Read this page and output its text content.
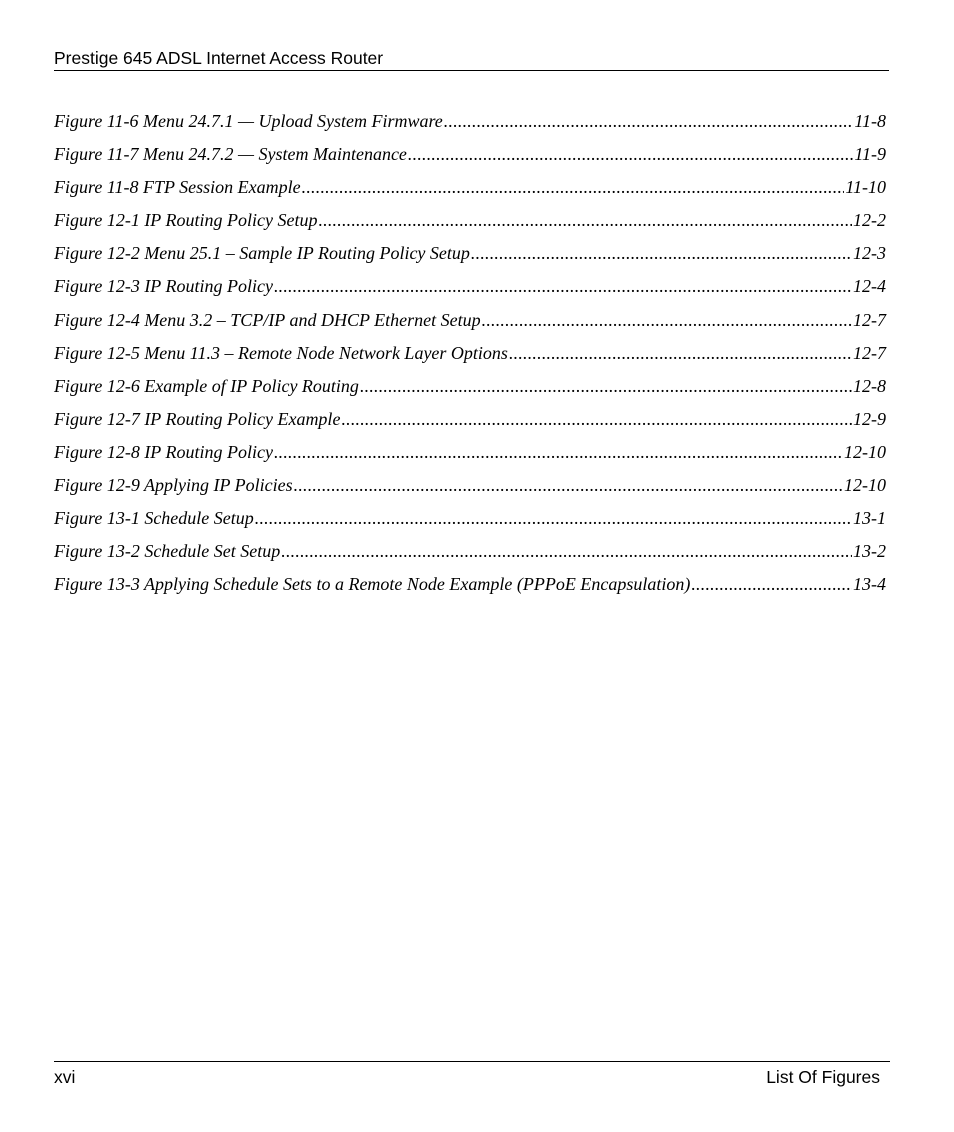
Prestige 645 ADSL Internet Access Router
Figure 11-6 Menu 24.7.1 — Upload System Firmware .....	11-8
Figure 11-7 Menu 24.7.2 — System Maintenance .....	11-9
Figure 11-8 FTP Session Example .....	11-10
Figure 12-1 IP Routing Policy Setup .....	12-2
Figure 12-2 Menu 25.1 – Sample IP Routing Policy Setup .....	12-3
Figure 12-3 IP Routing Policy .....	12-4
Figure 12-4 Menu 3.2 – TCP/IP and DHCP Ethernet Setup .....	12-7
Figure 12-5 Menu 11.3 – Remote Node Network Layer Options .....	12-7
Figure 12-6 Example of IP Policy Routing .....	12-8
Figure 12-7 IP Routing Policy Example .....	12-9
Figure 12-8 IP Routing Policy .....	12-10
Figure 12-9 Applying IP Policies .....	12-10
Figure 13-1 Schedule Setup .....	13-1
Figure 13-2 Schedule Set Setup .....	13-2
Figure 13-3 Applying Schedule Sets to a Remote Node Example (PPPoE Encapsulation) .....	13-4
xvi	List Of Figures
